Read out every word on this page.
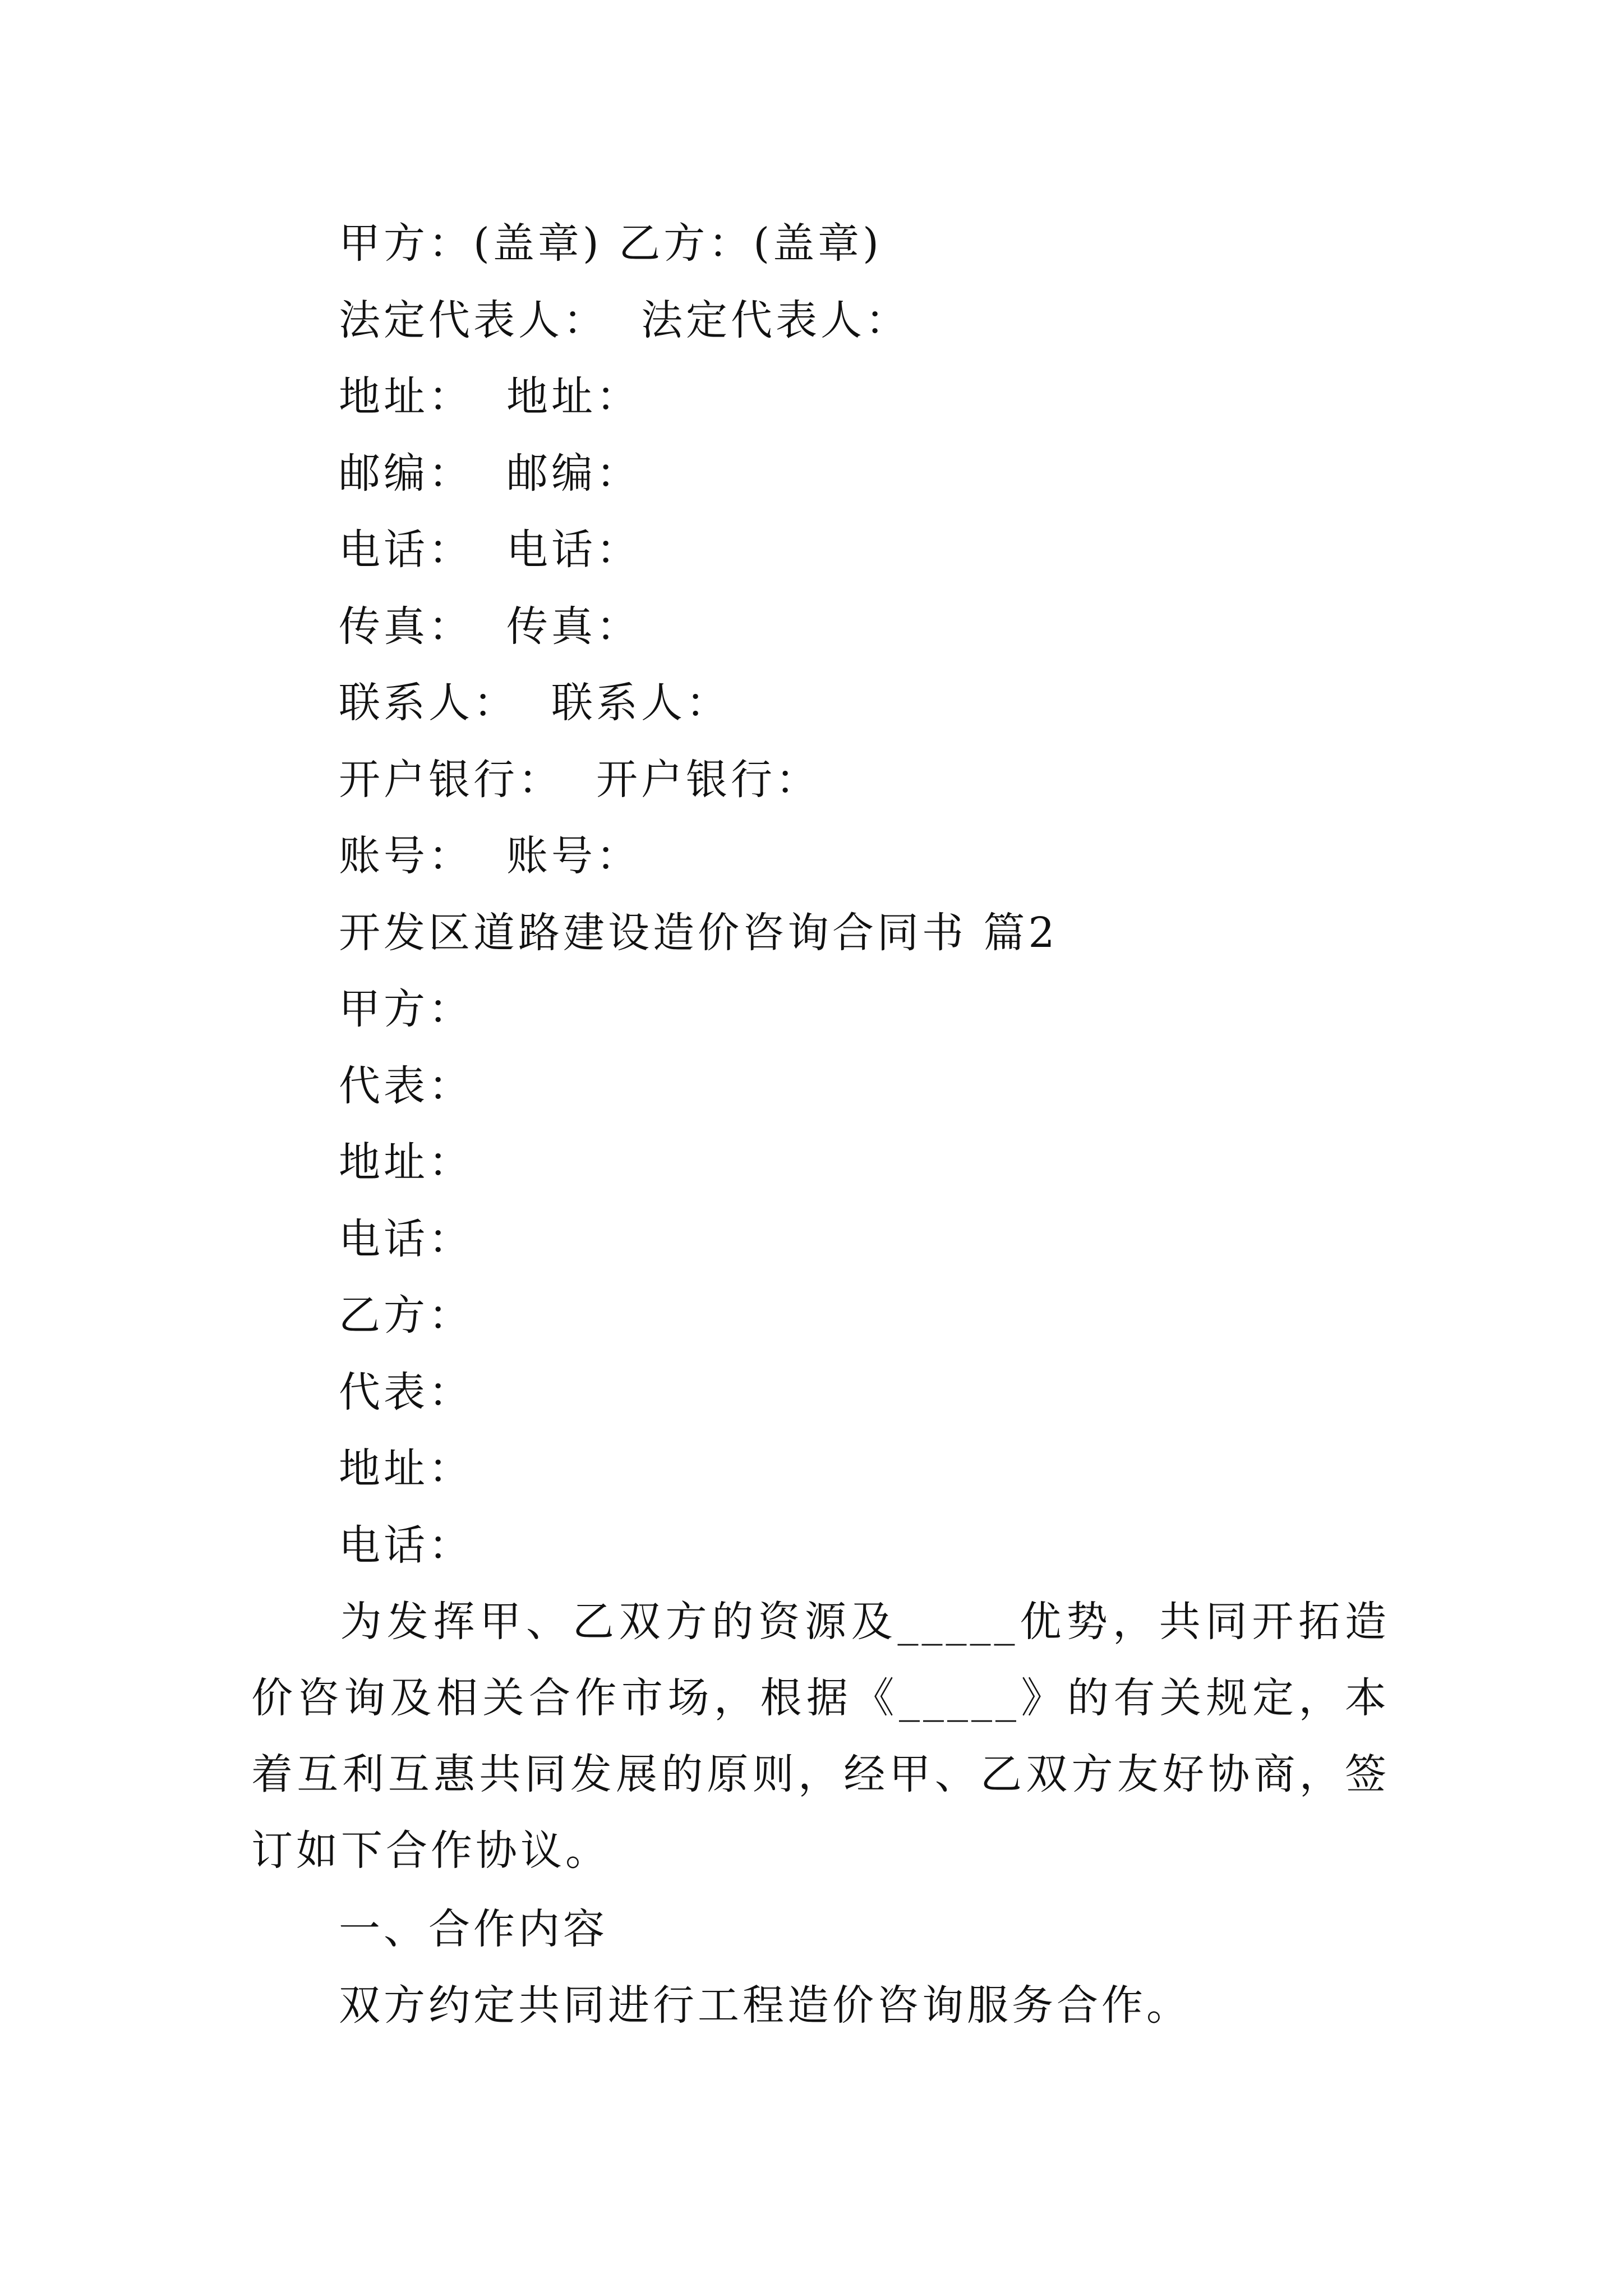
甲方：(盖章) 乙方：(盖章)
法定代表人：  法定代表人：
地址：  地址：
邮编：  邮编：
电话：  电话：
传真：  传真：
联系人：  联系人：
开户银行：  开户银行：
账号：  账号：
开发区道路建设造价咨询合同书 篇2
甲方：
代表：
地址：
电话：
乙方：
代表：
地址：
电话：
为发挥甲、乙双方的资源及_____优势，共同开拓造价咨询及相关合作市场，根据《_____》的有关规定，本着互利互惠共同发展的原则，经甲、乙双方友好协商，签订如下合作协议。
一、合作内容
双方约定共同进行工程造价咨询服务合作。
